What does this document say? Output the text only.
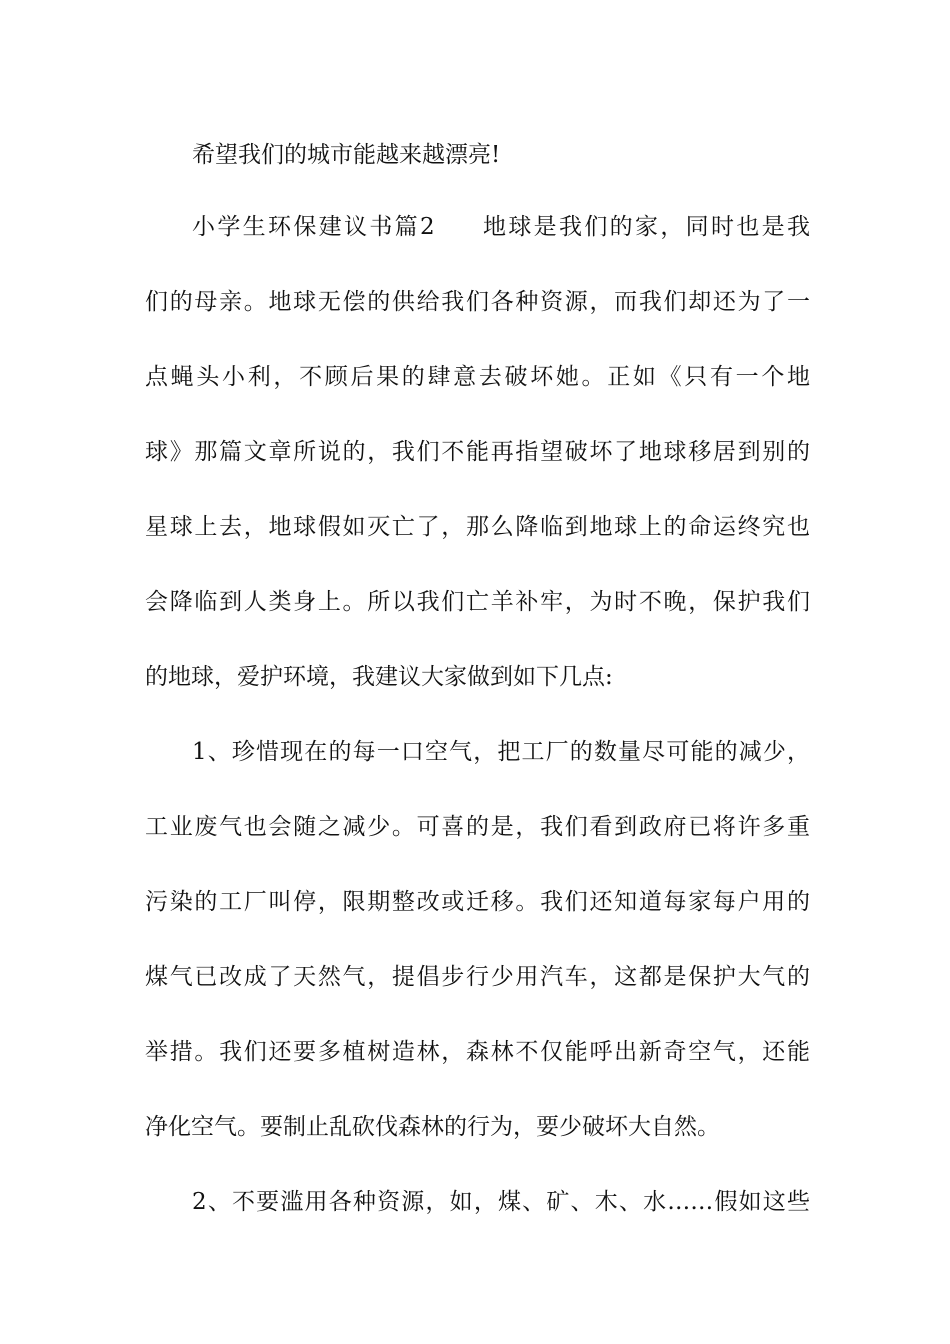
希望我们的城市能越来越漂亮!
小学生环保建议书篇2 地球是我们的家，同时也是我
们的母亲。地球无偿的供给我们各种资源，而我们却还为了一
点蝇头小利，不顾后果的肆意去破坏她。正如《只有一个地
球》那篇文章所说的，我们不能再指望破坏了地球移居到别的
星球上去，地球假如灭亡了，那么降临到地球上的命运终究也
会降临到人类身上。所以我们亡羊补牢，为时不晚，保护我们
的地球，爱护环境，我建议大家做到如下几点:
1、珍惜现在的每一口空气，把工厂的数量尽可能的减少，
工业废气也会随之减少。可喜的是，我们看到政府已将许多重
污染的工厂叫停，限期整改或迁移。我们还知道每家每户用的
煤气已改成了天然气，提倡步行少用汽车，这都是保护大气的
举措。我们还要多植树造林，森林不仅能呼出新奇空气，还能
净化空气。要制止乱砍伐森林的行为，要少破坏大自然。
2、不要滥用各种资源，如，煤、矿、木、水……假如这些
